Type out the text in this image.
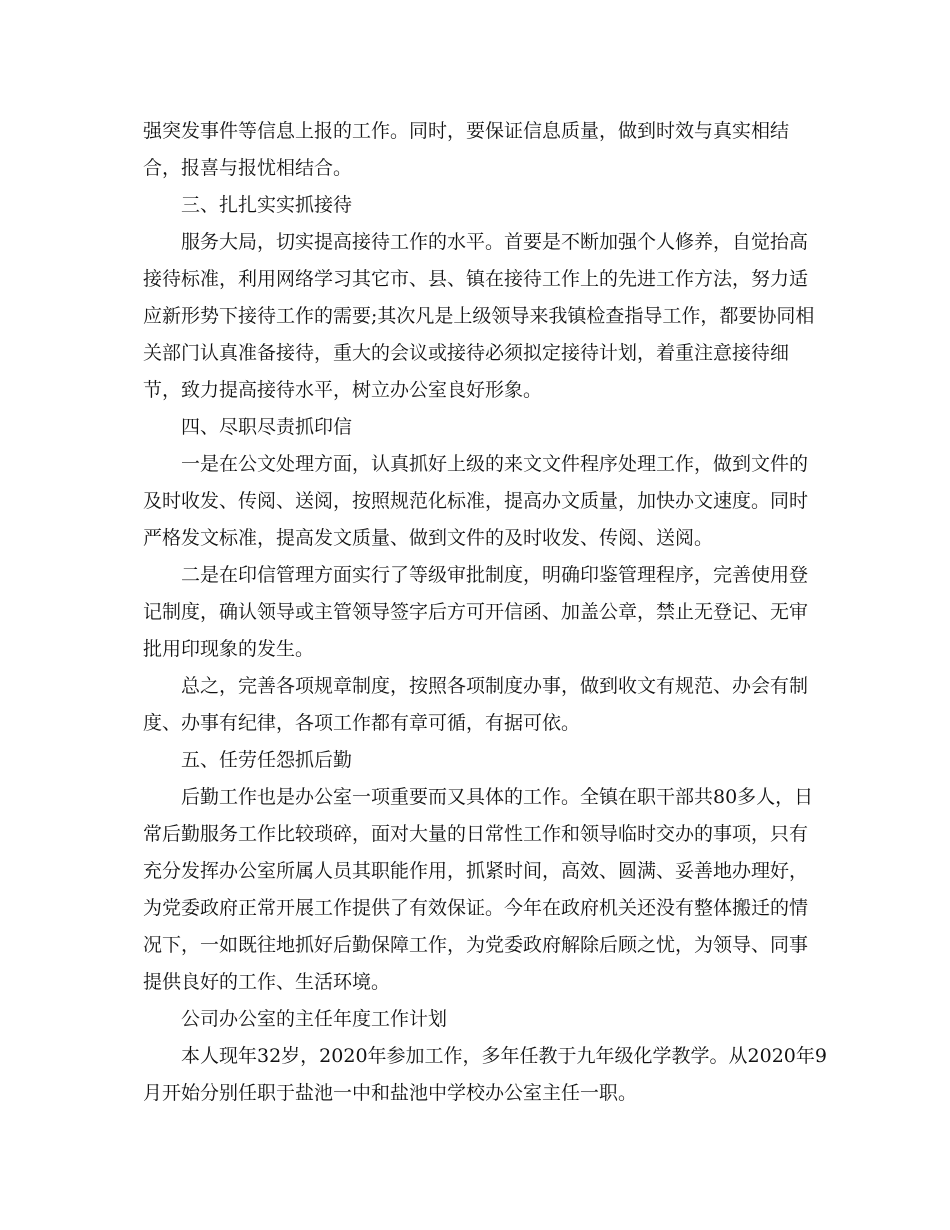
强突发事件等信息上报的工作。同时，要保证信息质量，做到时效与真实相结
合，报喜与报忧相结合。
　　三、扎扎实实抓接待
　　服务大局，切实提高接待工作的水平。首要是不断加强个人修养，自觉抬高
接待标准，利用网络学习其它市、县、镇在接待工作上的先进工作方法，努力适
应新形势下接待工作的需要;其次凡是上级领导来我镇检查指导工作，都要协同相
关部门认真准备接待，重大的会议或接待必须拟定接待计划，着重注意接待细
节，致力提高接待水平，树立办公室良好形象。
　　四、尽职尽责抓印信
　　一是在公文处理方面，认真抓好上级的来文文件程序处理工作，做到文件的
及时收发、传阅、送阅，按照规范化标准，提高办文质量，加快办文速度。同时
严格发文标准，提高发文质量、做到文件的及时收发、传阅、送阅。
　　二是在印信管理方面实行了等级审批制度，明确印鉴管理程序，完善使用登
记制度，确认领导或主管领导签字后方可开信函、加盖公章，禁止无登记、无审
批用印现象的发生。
　　总之，完善各项规章制度，按照各项制度办事，做到收文有规范、办会有制
度、办事有纪律，各项工作都有章可循，有据可依。
　　五、任劳任怨抓后勤
　　后勤工作也是办公室一项重要而又具体的工作。全镇在职干部共80多人，日
常后勤服务工作比较琐碎，面对大量的日常性工作和领导临时交办的事项，只有
充分发挥办公室所属人员其职能作用，抓紧时间，高效、圆满、妥善地办理好，
为党委政府正常开展工作提供了有效保证。今年在政府机关还没有整体搬迁的情
况下，一如既往地抓好后勤保障工作，为党委政府解除后顾之忧，为领导、同事
提供良好的工作、生活环境。
　　公司办公室的主任年度工作计划
　　本人现年32岁，2020年参加工作，多年任教于九年级化学教学。从2020年9
月开始分别任职于盐池一中和盐池中学校办公室主任一职。
